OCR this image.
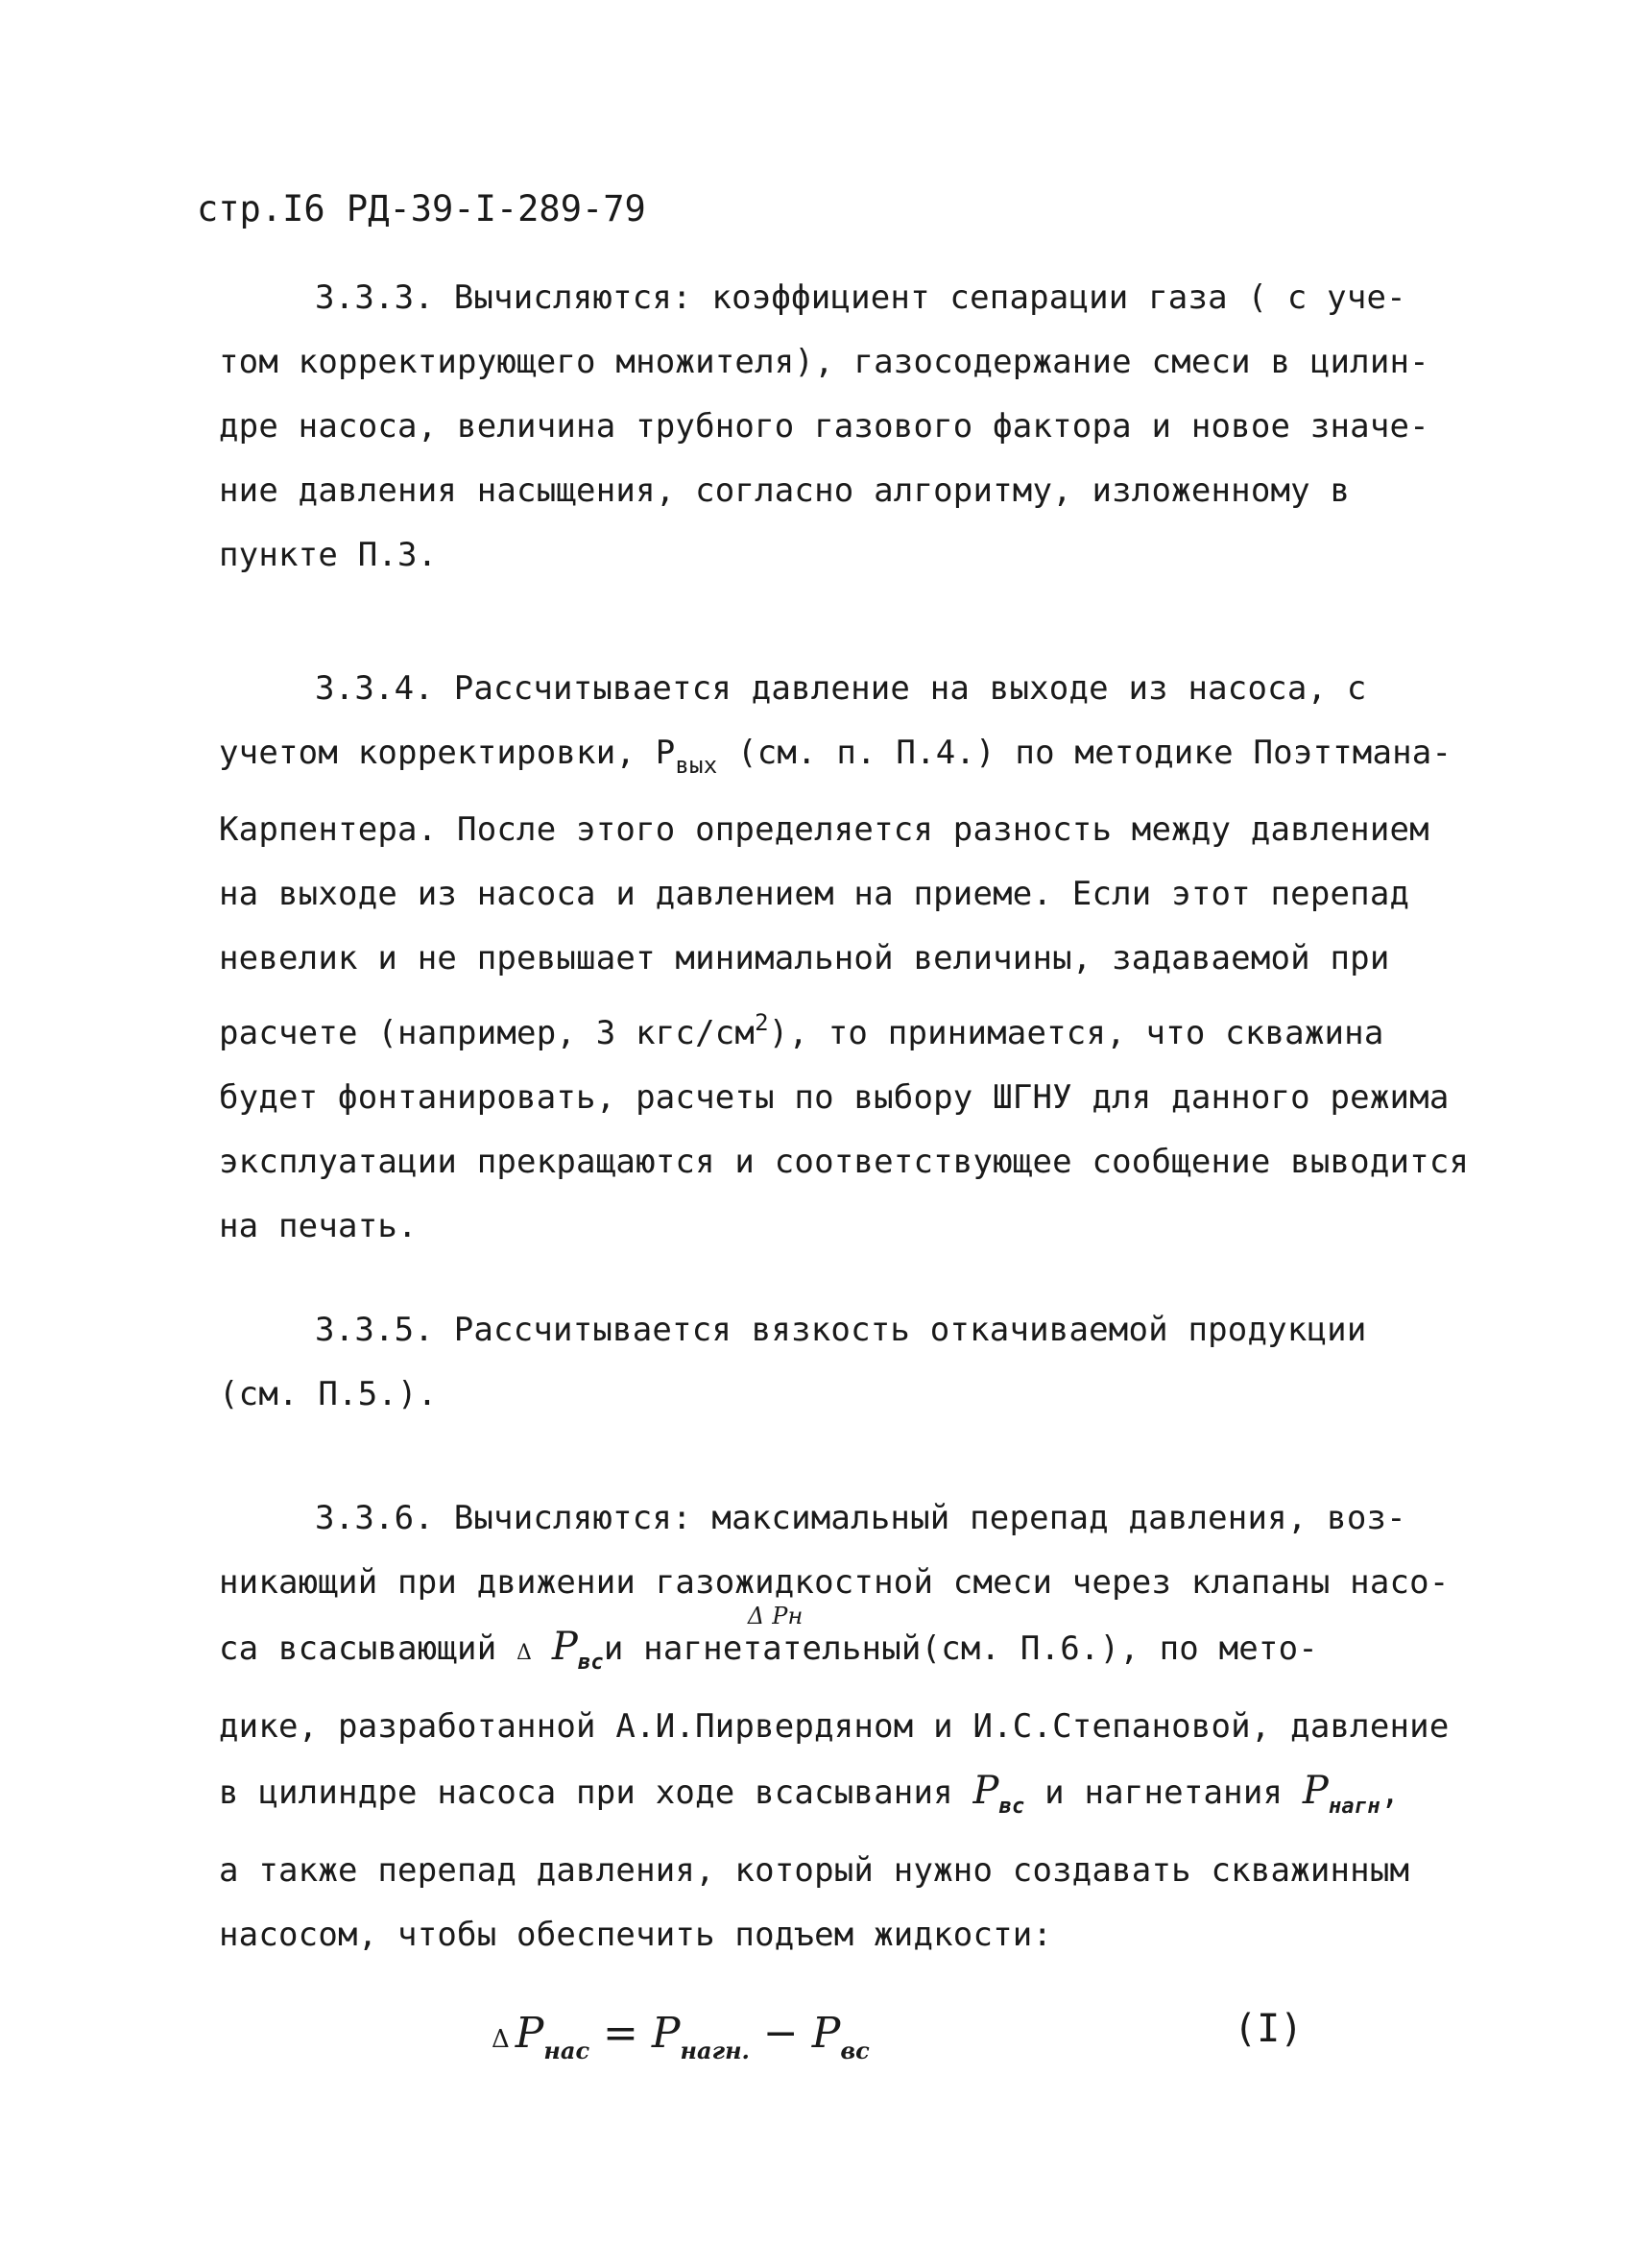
стр.I6 РД-39-I-289-79
3.3.3. Вычисляются: коэффициент сепарации газа ( с уче-
том корректирующего множителя), газосодержание смеси в цилин-
дре насоса, величина трубного газового фактора и новое значе-
ние давления насыщения, согласно алгоритму, изложенному в
пункте П.3.
3.3.4. Рассчитывается давление на выходе из насоса, с
учетом корректировки, $P_{вых}$ (см. п. П.4.) по методике Поэттмана-
Карпентера. После этого определяется разность между давлением
на выходе из насоса и давлением на приеме. Если этот перепад
невелик и не превышает минимальной величины, задаваемой при
расчете (например, 3 кгс/$см^2$), то принимается, что скважина
будет фонтанировать, расчеты по выбору ШГНУ для данного режима
эксплуатации прекращаются и соответствующее сообщение выводится
на печать.
3.3.5. Рассчитывается вязкость откачиваемой продукции
(см. П.5.).
3.3.6. Вычисляются: максимальный перепад давления, воз-
никающий при движении газожидкостной смеси через клапаны насо-
са всасывающий Δ $P_{вс}и$ нагнетательный
Δ Pн
(см. П.6.), по мето-
дике, разработанной А.И.Пирвердяном и И.С.Степановой, давление
в цилиндре насоса при ходе всасывания $P_{вс}$ и нагнетания $P_{нагн}$,
а также перепад давления, который нужно создавать скважинным
насосом, чтобы обеспечить подъем жидкости:
Δ $P_{нас} = P_{нагн.} - P_{вс}$	(I)
